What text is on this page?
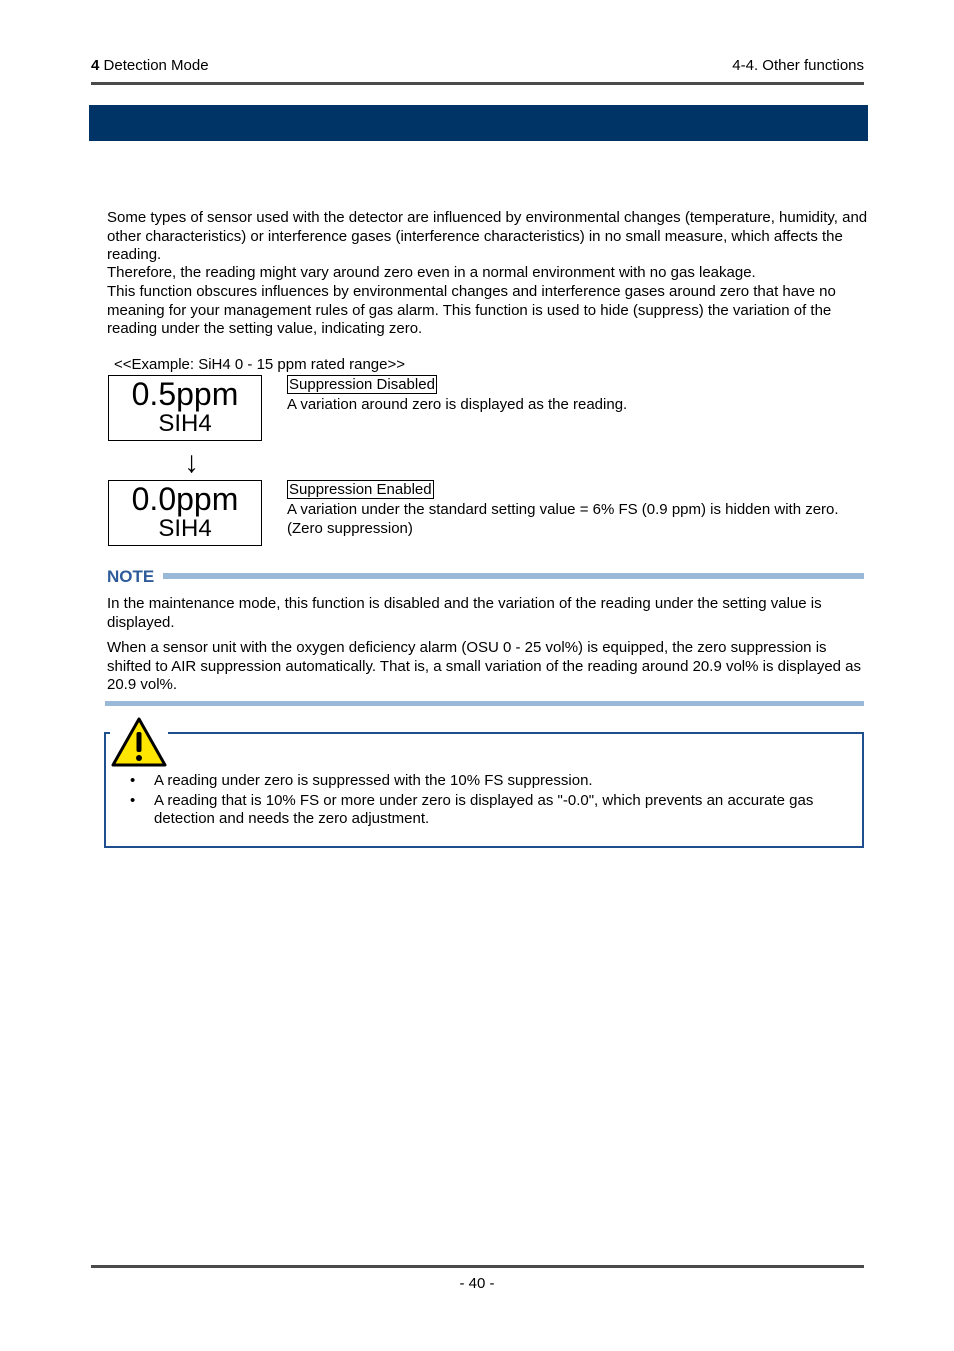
4 Detection Mode	4-4. Other functions
Some types of sensor used with the detector are influenced by environmental changes (temperature, humidity, and other characteristics) or interference gases (interference characteristics) in no small measure, which affects the reading.
Therefore, the reading might vary around zero even in a normal environment with no gas leakage.
This function obscures influences by environmental changes and interference gases around zero that have no meaning for your management rules of gas alarm. This function is used to hide (suppress) the variation of the reading under the setting value, indicating zero.
<<Example: SiH4 0 - 15 ppm rated range>>
0.5ppm
SIH4
Suppression Disabled
A variation around zero is displayed as the reading.
↓
0.0ppm
SIH4
Suppression Enabled
A variation under the standard setting value = 6% FS (0.9 ppm) is hidden with zero. (Zero suppression)
NOTE
In the maintenance mode, this function is disabled and the variation of the reading under the setting value is displayed.
When a sensor unit with the oxygen deficiency alarm (OSU 0 - 25 vol%) is equipped, the zero suppression is shifted to AIR suppression automatically. That is, a small variation of the reading around 20.9 vol% is displayed as 20.9 vol%.
• A reading under zero is suppressed with the 10% FS suppression.
• A reading that is 10% FS or more under zero is displayed as "-0.0", which prevents an accurate gas detection and needs the zero adjustment.
- 40 -
